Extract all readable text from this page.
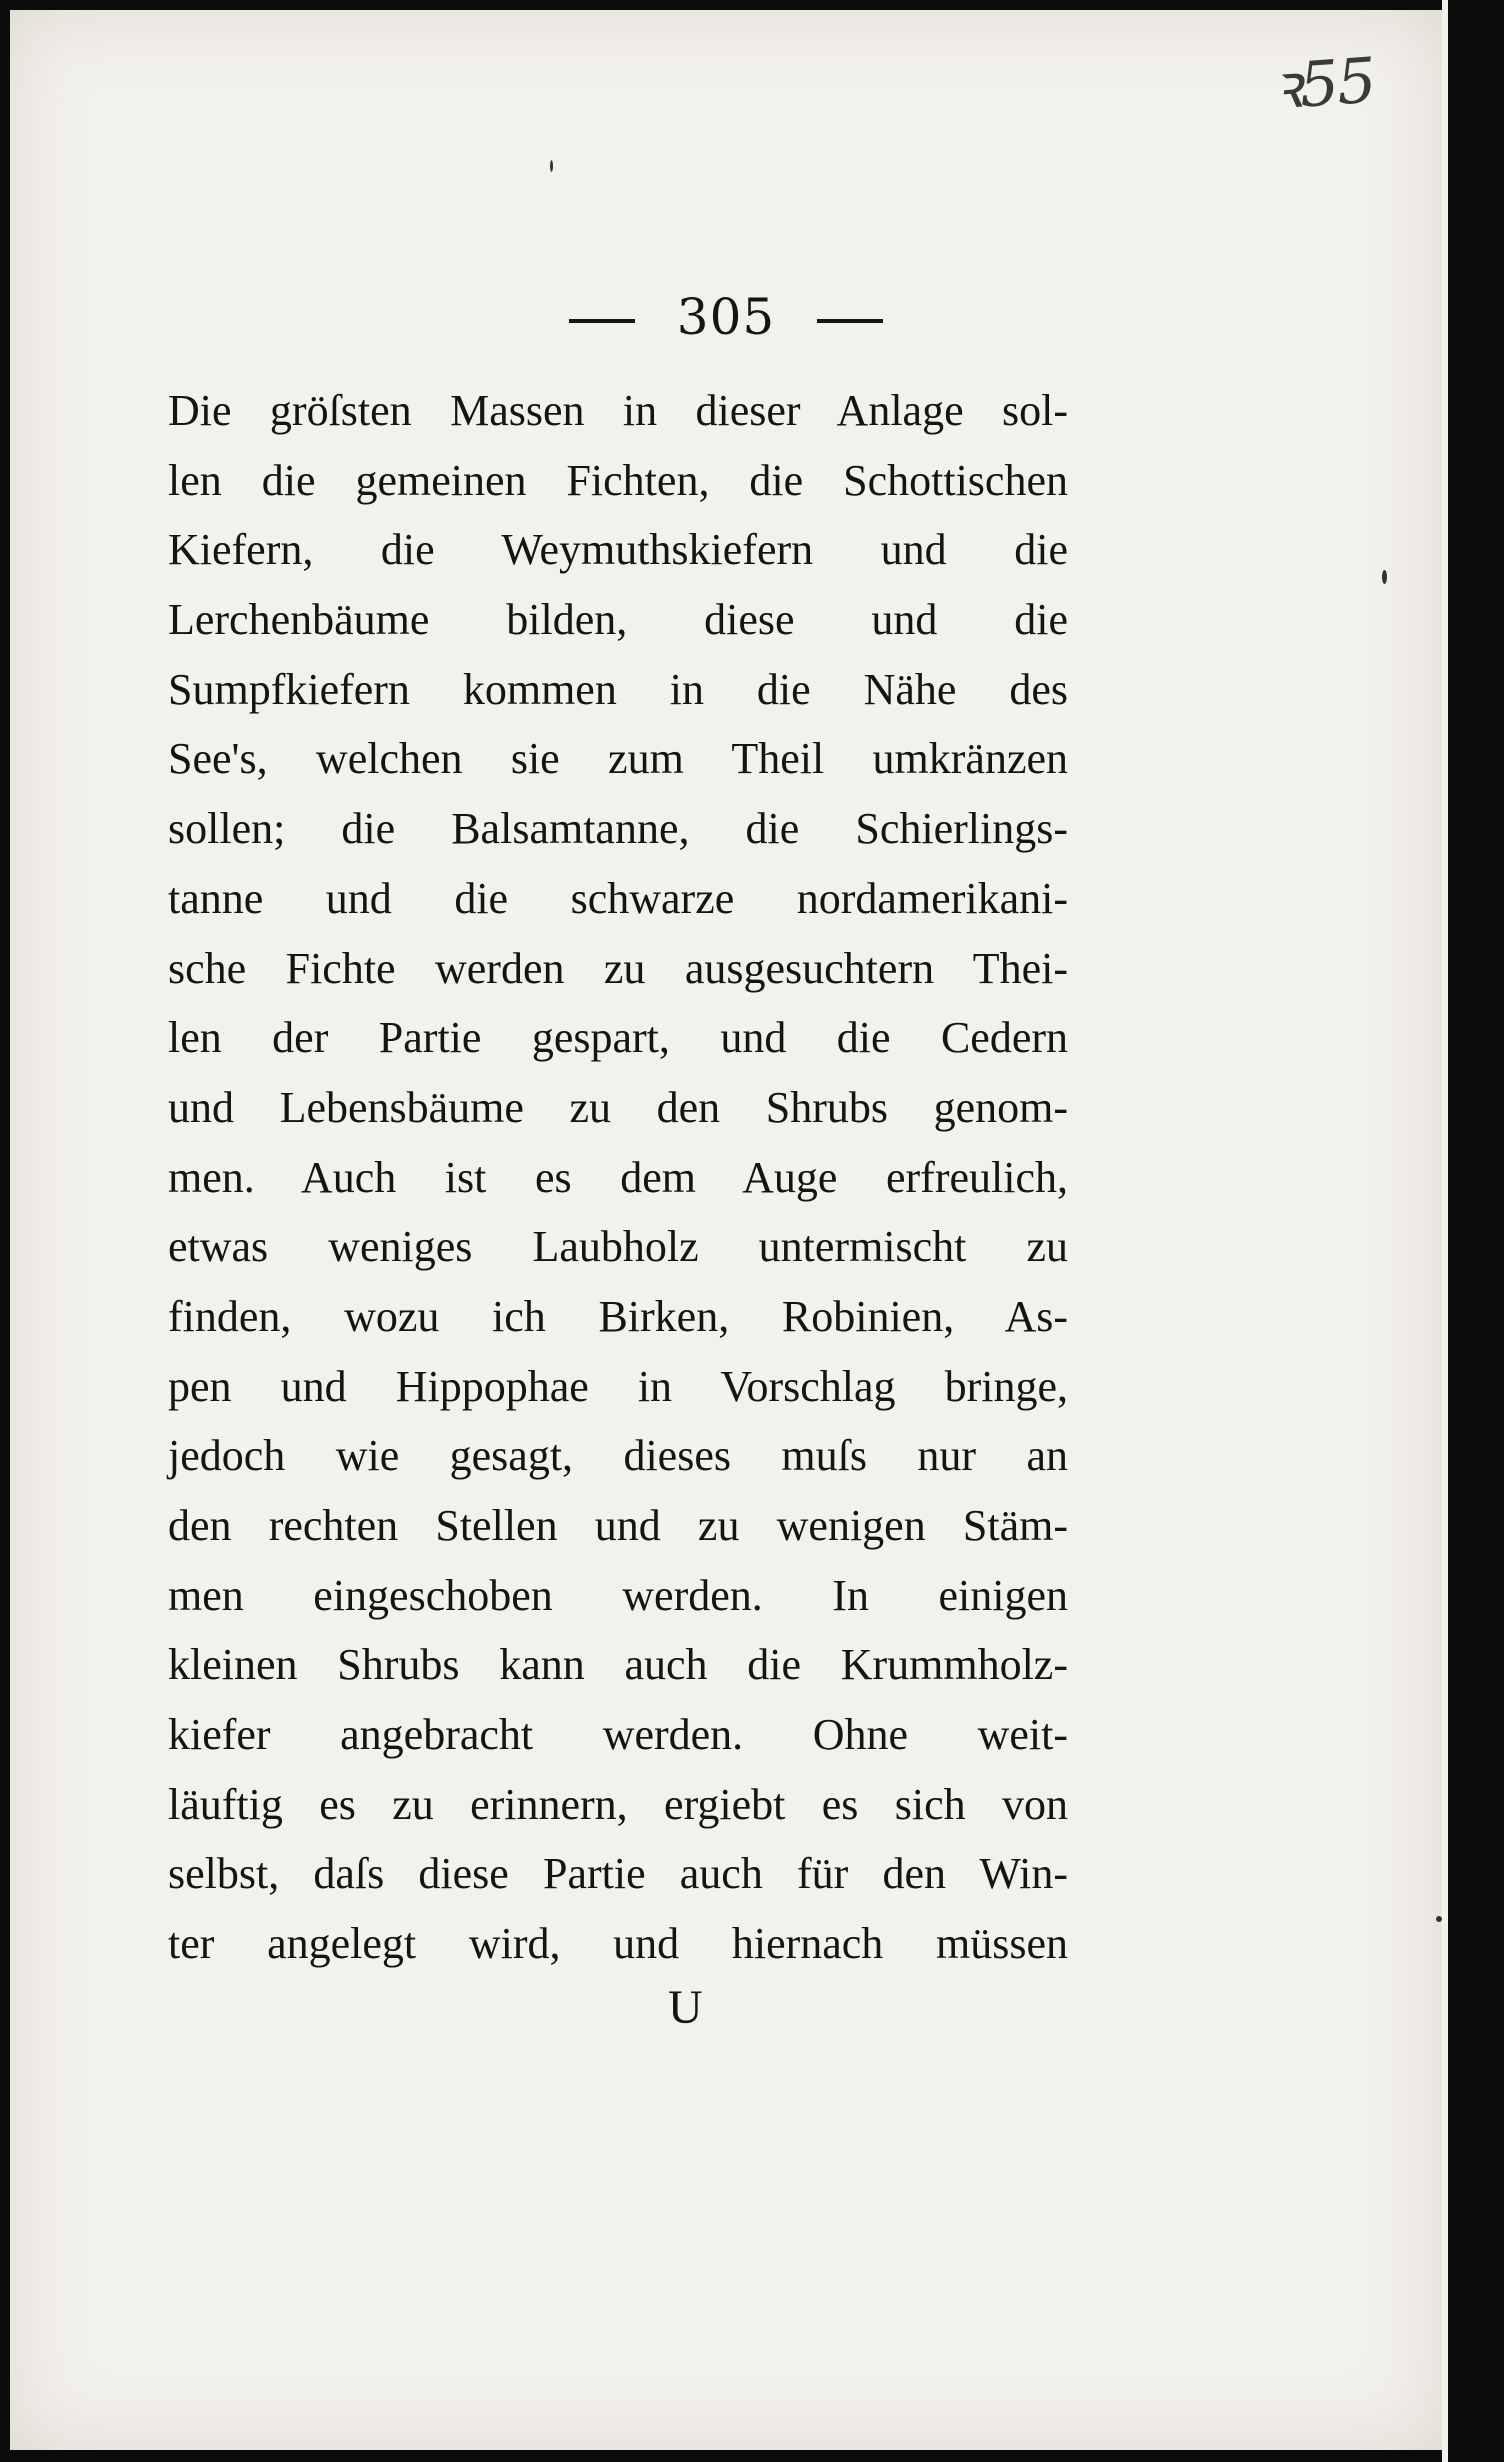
ꝛ55
305
Die gröſsten Massen in dieser Anlage sol-
len die gemeinen Fichten, die Schottischen
Kiefern, die Weymuthskiefern und die
Lerchenbäume bilden, diese und die
Sumpfkiefern kommen in die Nähe des
See's, welchen sie zum Theil umkränzen
sollen; die Balsamtanne, die Schierlings-
tanne und die schwarze nordamerikani-
sche Fichte werden zu ausgesuchtern Thei-
len der Partie gespart, und die Cedern
und Lebensbäume zu den Shrubs genom-
men. Auch ist es dem Auge erfreulich,
etwas weniges Laubholz untermischt zu
finden, wozu ich Birken, Robinien, As-
pen und Hippophae in Vorschlag bringe,
jedoch wie gesagt, dieses muſs nur an
den rechten Stellen und zu wenigen Stäm-
men eingeschoben werden. In einigen
kleinen Shrubs kann auch die Krummholz-
kiefer angebracht werden. Ohne weit-
läuftig es zu erinnern, ergiebt es sich von
selbst, daſs diese Partie auch für den Win-
ter angelegt wird, und hiernach müssen
U
